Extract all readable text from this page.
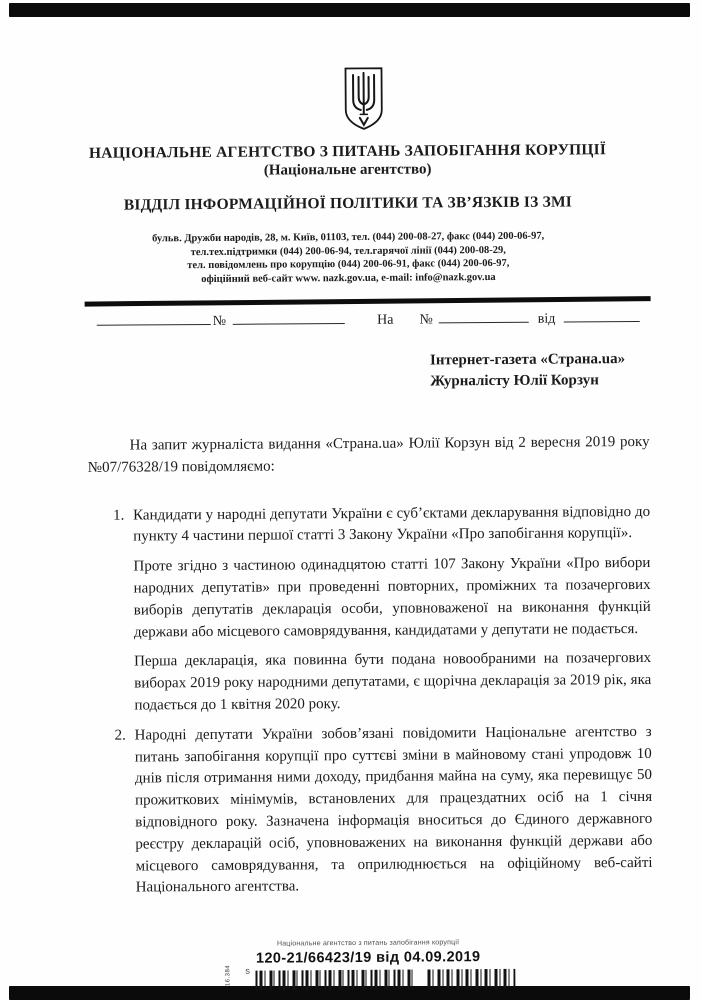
НАЦІОНАЛЬНЕ АГЕНТСТВО З ПИТАНЬ ЗАПОБІГАННЯ КОРУПЦІЇ
(Національне агентство)
ВІДДІЛ ІНФОРМАЦІЙНОЇ ПОЛІТИКИ ТА ЗВ’ЯЗКІВ ІЗ ЗМІ
бульв. Дружби народів, 28, м. Київ, 01103, тел. (044) 200-08-27, факс (044) 200-06-97,
тел.тех.підтримки (044) 200-06-94, тел.гарячої лінії (044) 200-08-29,
тел. повідомлень про корупцію (044) 200-06-91, факс (044) 200-06-97,
офіційний веб-сайт www. nazk.gov.ua, e-mail: info@nazk.gov.ua
№	На №	від
Інтернет-газета «Страна.ua»
Журналісту Юлії Корзун

На запит журналіста видання «Страна.ua» Юлії Корзун від 2 вересня 2019 року №07/76328/19 повідомляємо:

1. Кандидати у народні депутати України є суб’єктами декларування відповідно до пункту 4 частини першої статті 3 Закону України «Про запобігання корупції».

Проте згідно з частиною одинадцятою статті 107 Закону України «Про вибори народних депутатів» при проведенні повторних, проміжних та позачергових виборів депутатів декларація особи, уповноваженої на виконання функцій держави або місцевого самоврядування, кандидатами у депутати не подається.

Перша декларація, яка повинна бути подана новообраними на позачергових виборах 2019 року народними депутатами, є щорічна декларація за 2019 рік, яка подається до 1 квітня 2020 року.

2. Народні депутати України зобов’язані повідомити Національне агентство з питань запобігання корупції про суттєві зміни в майновому стані упродовж 10 днів після отримання ними доходу, придбання майна на суму, яка перевищує 50 прожиткових мінімумів, встановлених для працездатних осіб на 1 січня відповідного року. Зазначена інформація вноситься до Єдиного державного реєстру декларацій осіб, уповноважених на виконання функцій держави або місцевого самоврядування, та оприлюднюється на офіційному веб-сайті Національного агентства.

Національне агентство з питань запобігання корупції
120-21/66423/19 від 04.09.2019
16.384 S
